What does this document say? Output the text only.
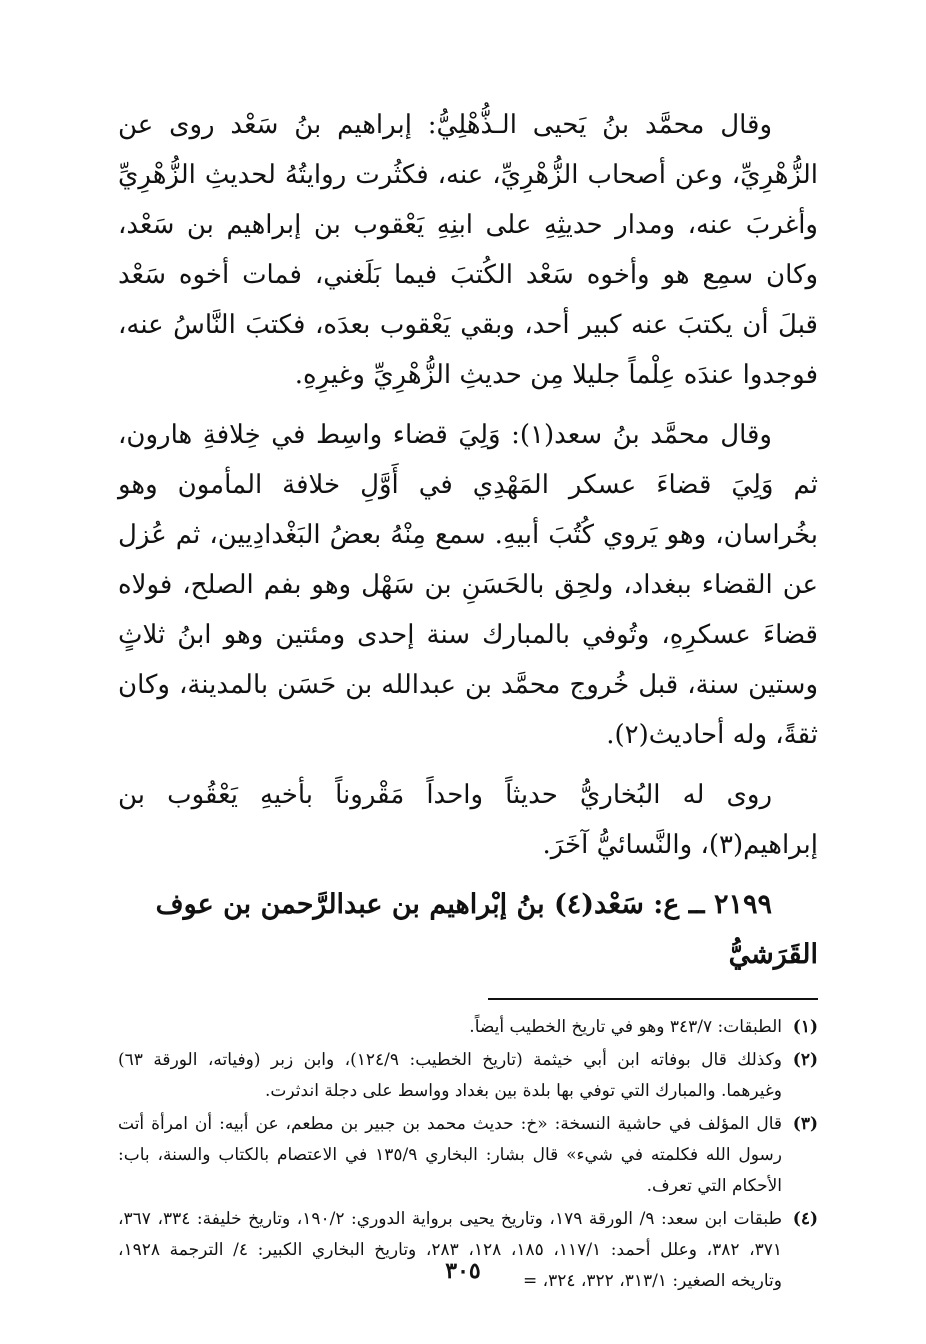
وقال محمَّد بنُ يَحيى الـذُّهْلِيُّ: إبراهيم بنُ سَعْد روى عن الزُّهْرِيِّ، وعن أصحاب الزُّهْرِيِّ، عنه، فكثُرت روايتُهُ لحديثِ الزُّهْرِيِّ وأغربَ عنه، ومدار حديثِهِ على ابنِهِ يَعْقوب بن إبراهيم بن سَعْد، وكان سمِع هو وأخوه سَعْد الكُتبَ فيما بَلَغني، فمات أخوه سَعْد قبلَ أن يكتبَ عنه كبير أحد، وبقي يَعْقوب بعدَه، فكتبَ النَّاسُ عنه، فوجدوا عندَه عِلْماً جليلا مِن حديثِ الزُّهْرِيِّ وغيرِهِ.

وقال محمَّد بنُ سعد(١): وَلِيَ قضاء واسِط في خِلافةِ هارون، ثم وَلِيَ قضاءَ عسكر المَهْدِي في أَوَّلِ خلافة المأمون وهو بخُراسان، وهو يَروي كُتُبَ أبيهِ. سمع مِنْهُ بعضُ البَغْدادِيين، ثم عُزل عن القضاء ببغداد، ولحِق بالحَسَنِ بن سَهْل وهو بفم الصلح، فولاه قضاءَ عسكرِهِ، وتُوفي بالمبارك سنة إحدى ومئتين وهو ابنُ ثلاثٍ وستين سنة، قبل خُروج محمَّد بن عبدالله بن حَسَن بالمدينة، وكان ثقةً، وله أحاديث(٢).

روى له البُخاريُّ حديثاً واحداً مَقْروناً بأخيهِ يَعْقُوب بن إبراهيم(٣)، والنَّسائيُّ آخَرَ.

٢١٩٩ ــ ع: سَعْد(٤) بنُ إبْراهيم بن عبدالرَّحمن بن عوف القَرَشيُّ

(١)
الطبقات: ٣٤٣/٧ وهو في تاريخ الخطيب أيضاً.
(٢)
وكذلك قال بوفاته ابن أبي خيثمة (تاريخ الخطيب: ١٢٤/٩)، وابن زبر (وفياته، الورقة ٦٣) وغيرهما. والمبارك التي توفي بها بلدة بين بغداد وواسط على دجلة اندثرت.
(٣)
قال المؤلف في حاشية النسخة: «خ: حديث محمد بن جبير بن مطعم، عن أبيه: أن امرأة أتت رسول الله فكلمته في شيء» قال بشار: البخاري ١٣٥/٩ في الاعتصام بالكتاب والسنة، باب: الأحكام التي تعرف.
(٤)
طبقات ابن سعد: ٩/ الورقة ١٧٩، وتاريخ يحيى برواية الدوري: ١٩٠/٢، وتاريخ خليفة: ٣٣٤، ٣٦٧، ٣٧١، ٣٨٢، وعلل أحمد: ١١٧/١، ١٨٥، ١٢٨، ٢٨٣، وتاريخ البخاري الكبير: ٤/ الترجمة ١٩٢٨، وتاريخه الصغير: ٣١٣/١، ٣٢٢، ٣٢٤، =
٣٠٥
